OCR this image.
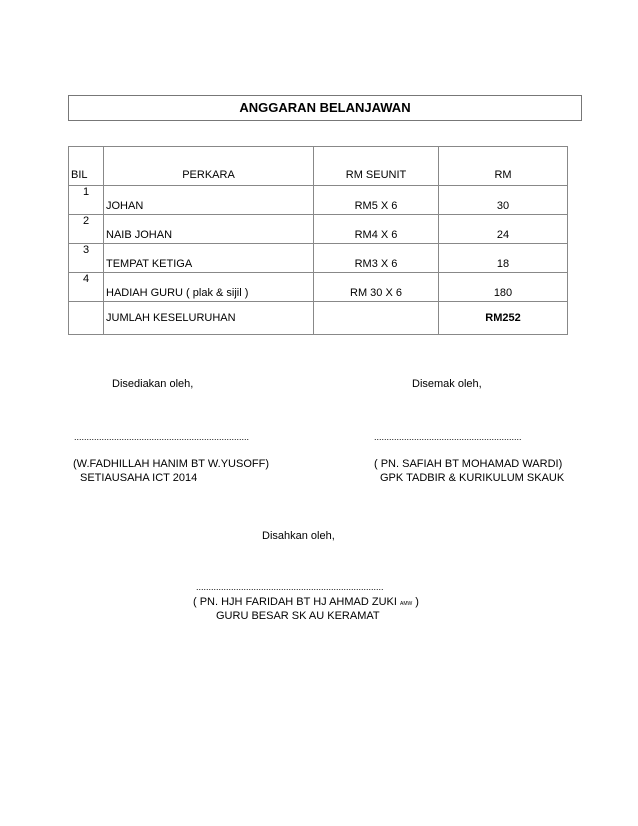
ANGGARAN BELANJAWAN
BIL	PERKARA	RM SEUNIT	RM
1	JOHAN	RM5 X 6	30

2	NAIB JOHAN	RM4 X 6	24

3	TEMPAT KETIGA	RM3 X 6	18

4	HADIAH GURU ( plak & sijil )	RM 30 X 6	180

	JUMLAH KESELURUHAN		RM252
Disediakan oleh,	Disemak oleh,
......................................................................	...........................................................
(W.FADHILLAH HANIM BT W.YUSOFF)
SETIAUSAHA ICT 2014
( PN. SAFIAH BT MOHAMAD WARDI)
GPK TADBIR & KURIKULUM SKAUK
Disahkan oleh,
...........................................................................
( PN. HJH FARIDAH BT HJ AHMAD ZUKI AMW )
GURU BESAR SK AU KERAMAT
